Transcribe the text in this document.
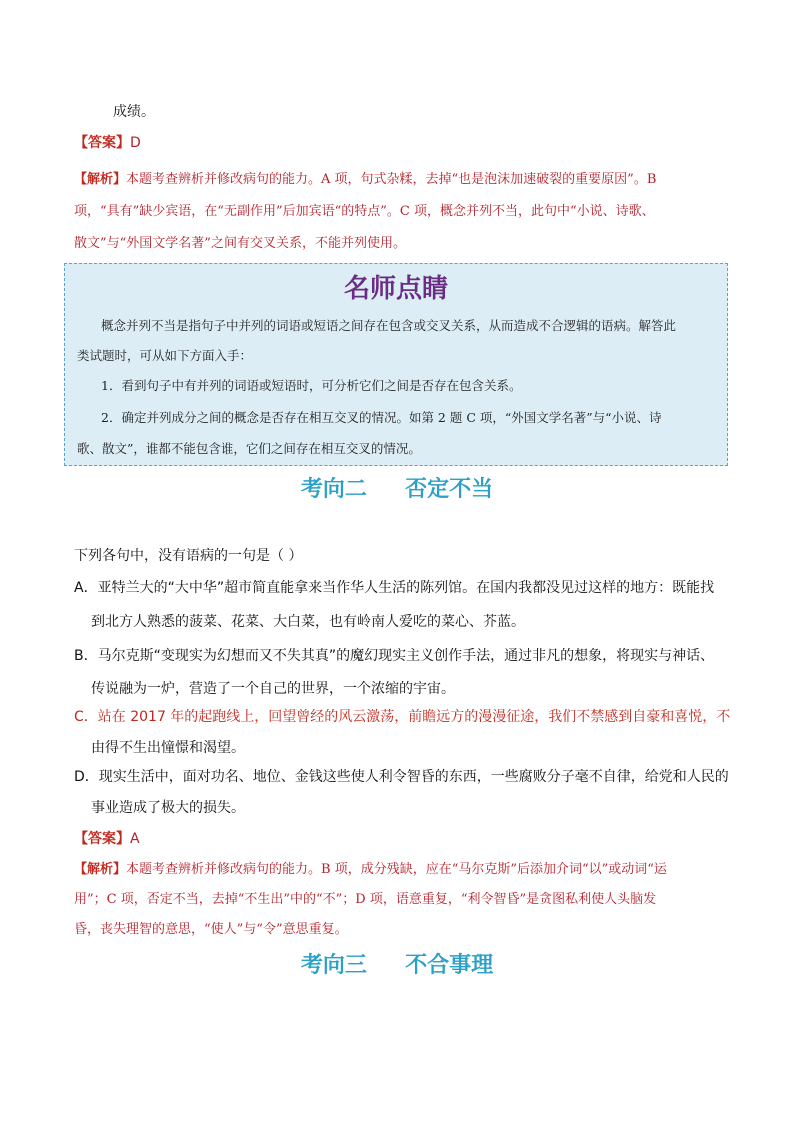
成绩。
【答案】D
【解析】本题考查辨析并修改病句的能力。A 项，句式杂糅，去掉“也是泡沫加速破裂的重要原因”。B
项，“具有”缺少宾语，在“无副作用”后加宾语“的特点”。C 项，概念并列不当，此句中“小说、诗歌、
散文”与“外国文学名著”之间有交叉关系，不能并列使用。
名师点睛
概念并列不当是指句子中并列的词语或短语之间存在包含或交叉关系，从而造成不合逻辑的语病。解答此
类试题时，可从如下方面入手：
1．看到句子中有并列的词语或短语时，可分析它们之间是否存在包含关系。
2．确定并列成分之间的概念是否存在相互交叉的情况。如第 2 题 C 项，“外国文学名著”与“小说、诗
歌、散文”，谁都不能包含谁，它们之间存在相互交叉的情况。
考向二     否定不当
下列各句中，没有语病的一句是（ ）
A．亚特兰大的“大中华”超市简直能拿来当作华人生活的陈列馆。在国内我都没见过这样的地方：既能找
到北方人熟悉的菠菜、花菜、大白菜，也有岭南人爱吃的菜心、芥蓝。
B．马尔克斯“变现实为幻想而又不失其真”的魔幻现实主义创作手法，通过非凡的想象，将现实与神话、
传说融为一炉，营造了一个自己的世界，一个浓缩的宇宙。
C．站在 2017 年的起跑线上，回望曾经的风云激荡，前瞻远方的漫漫征途，我们不禁感到自豪和喜悦，不
由得不生出憧憬和渴望。
D．现实生活中，面对功名、地位、金钱这些使人利令智昏的东西，一些腐败分子毫不自律，给党和人民的
事业造成了极大的损失。
【答案】A
【解析】本题考查辨析并修改病句的能力。B 项，成分残缺，应在“马尔克斯”后添加介词“以”或动词“运
用”；C 项，否定不当，去掉“不生出”中的“不”；D 项，语意重复，“利令智昏”是贪图私利使人头脑发
昏，丧失理智的意思，“使人”与“令”意思重复。
考向三     不合事理
